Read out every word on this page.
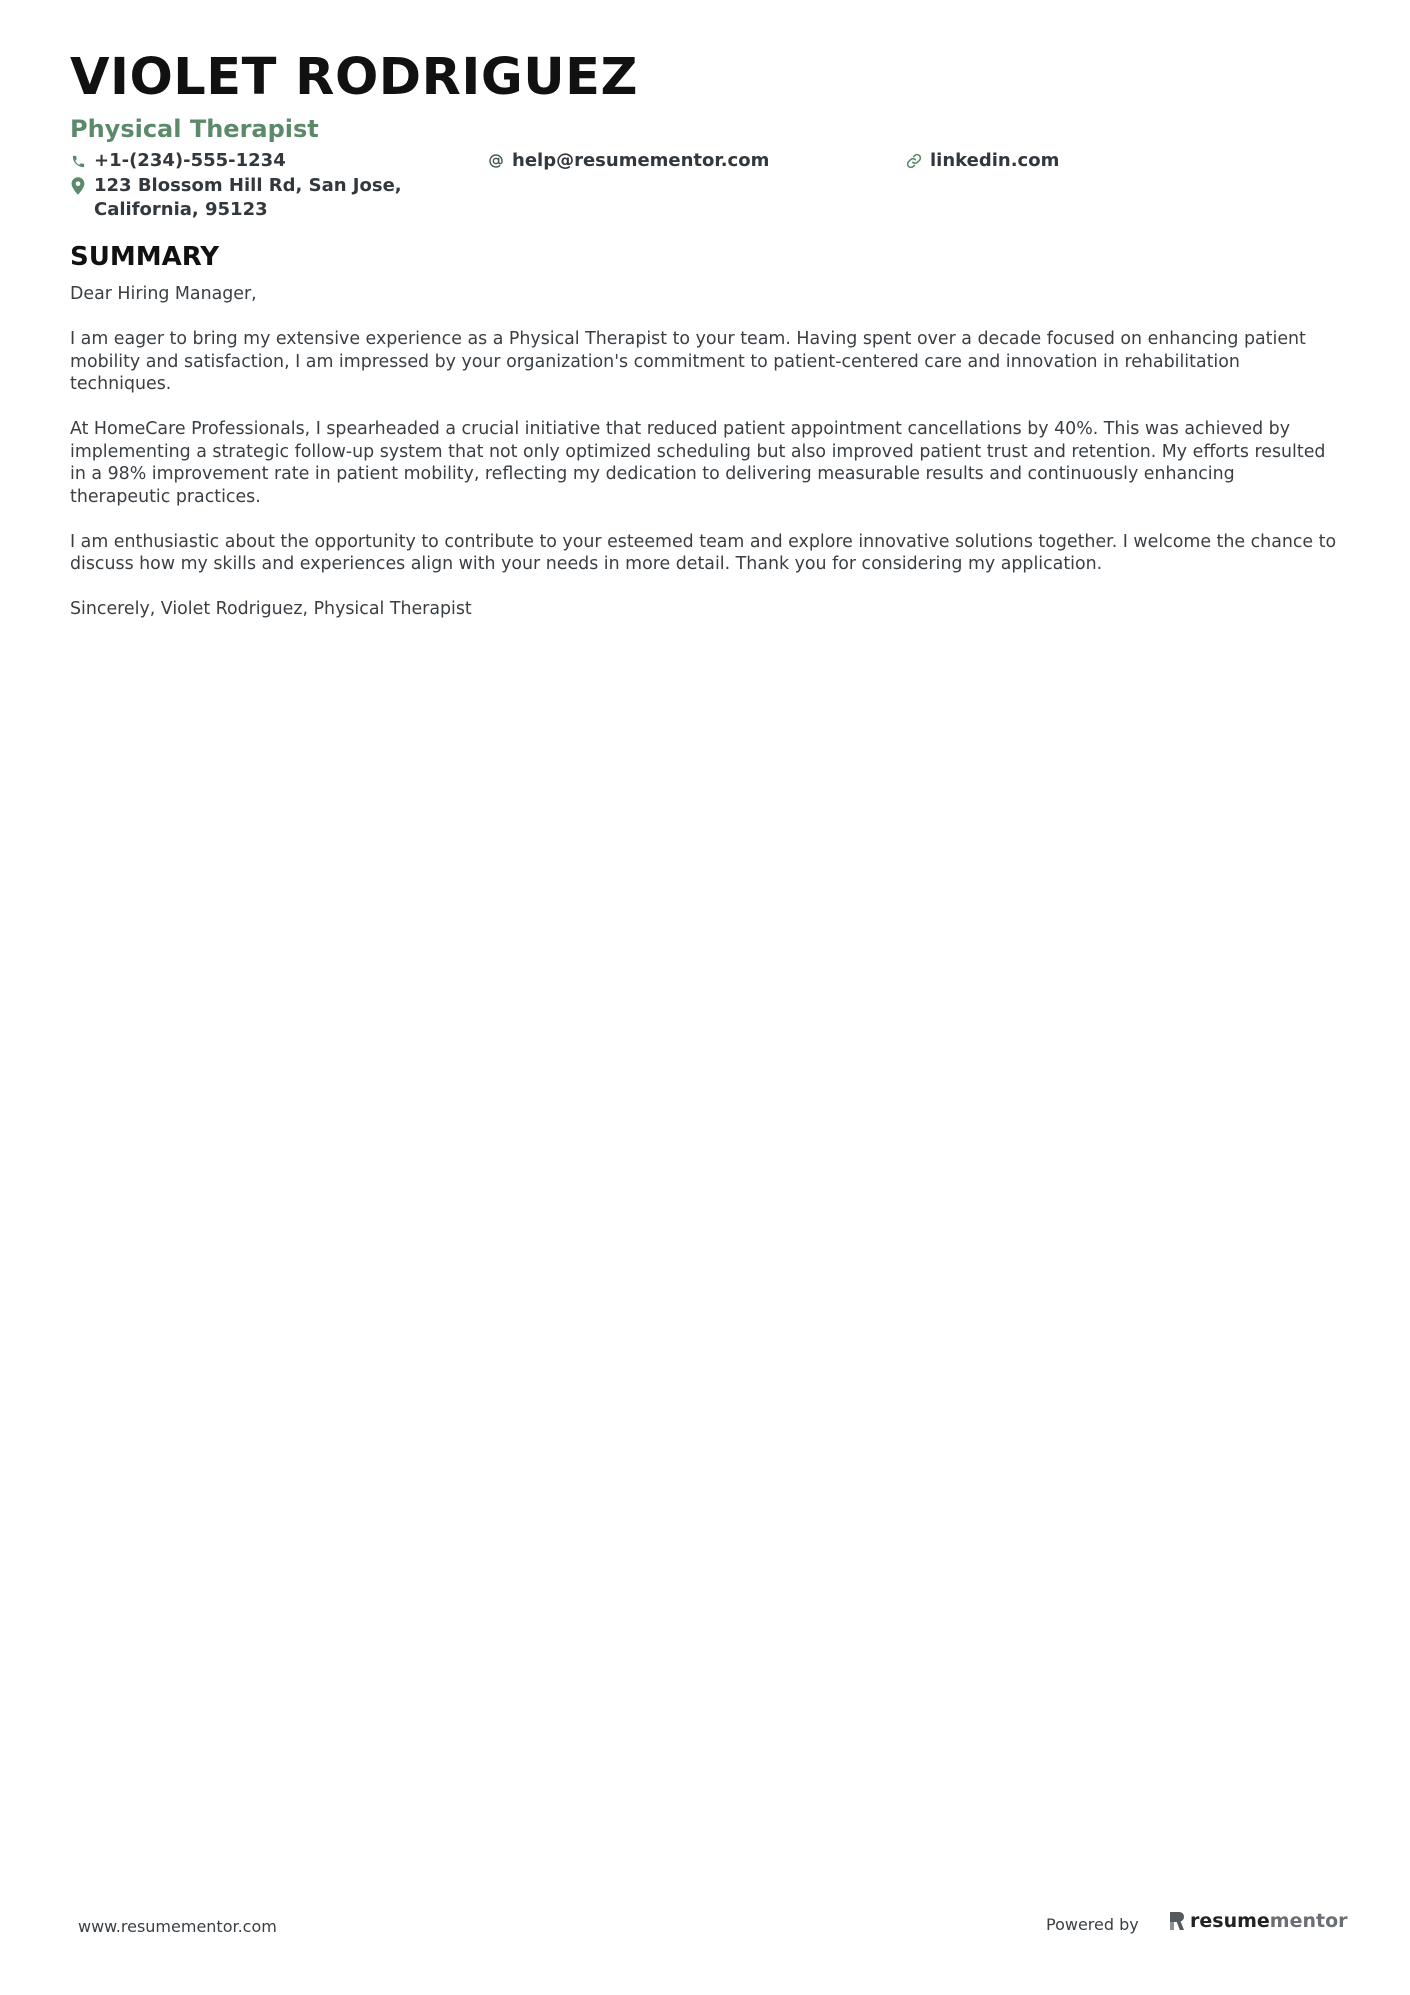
VIOLET RODRIGUEZ
Physical Therapist
+1-(234)-555-1234	help@resumementor.com	linkedin.com
123 Blossom Hill Rd, San Jose, California, 95123
SUMMARY

Dear Hiring Manager,

I am eager to bring my extensive experience as a Physical Therapist to your team. Having spent over a decade focused on enhancing patient mobility and satisfaction, I am impressed by your organization's commitment to patient-centered care and innovation in rehabilitation techniques.

At HomeCare Professionals, I spearheaded a crucial initiative that reduced patient appointment cancellations by 40%. This was achieved by implementing a strategic follow-up system that not only optimized scheduling but also improved patient trust and retention. My efforts resulted in a 98% improvement rate in patient mobility, reflecting my dedication to delivering measurable results and continuously enhancing therapeutic practices.

I am enthusiastic about the opportunity to contribute to your esteemed team and explore innovative solutions together. I welcome the chance to discuss how my skills and experiences align with your needs in more detail. Thank you for considering my application.

Sincerely, Violet Rodriguez, Physical Therapist

www.resumementor.com	Powered by	resume mentor
